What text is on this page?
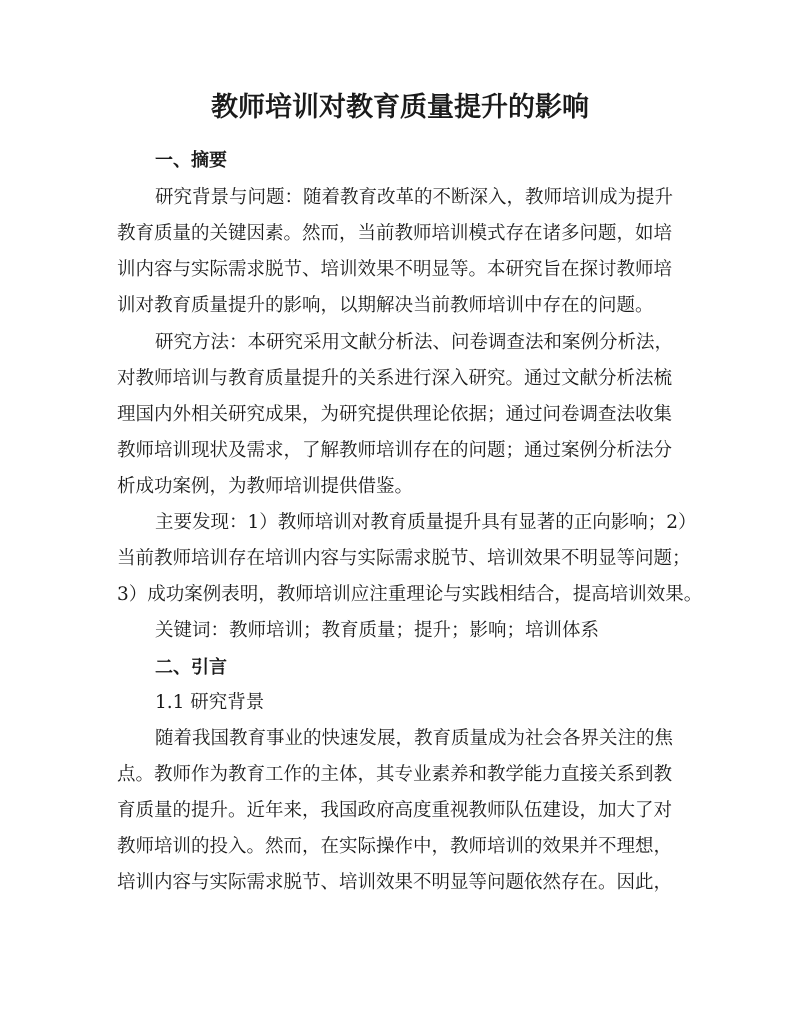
教师培训对教育质量提升的影响

一、摘要

研究背景与问题：随着教育改革的不断深入，教师培训成为提升

教育质量的关键因素。然而，当前教师培训模式存在诸多问题，如培

训内容与实际需求脱节、培训效果不明显等。本研究旨在探讨教师培

训对教育质量提升的影响，以期解决当前教师培训中存在的问题。

研究方法：本研究采用文献分析法、问卷调查法和案例分析法，

对教师培训与教育质量提升的关系进行深入研究。通过文献分析法梳

理国内外相关研究成果，为研究提供理论依据；通过问卷调查法收集

教师培训现状及需求，了解教师培训存在的问题；通过案例分析法分

析成功案例，为教师培训提供借鉴。

主要发现：1）教师培训对教育质量提升具有显著的正向影响；2）

当前教师培训存在培训内容与实际需求脱节、培训效果不明显等问题；

3）成功案例表明，教师培训应注重理论与实践相结合，提高培训效果。

关键词：教师培训；教育质量；提升；影响；培训体系

二、引言

1.1 研究背景

随着我国教育事业的快速发展，教育质量成为社会各界关注的焦

点。教师作为教育工作的主体，其专业素养和教学能力直接关系到教

育质量的提升。近年来，我国政府高度重视教师队伍建设，加大了对

教师培训的投入。然而，在实际操作中，教师培训的效果并不理想，

培训内容与实际需求脱节、培训效果不明显等问题依然存在。因此，
